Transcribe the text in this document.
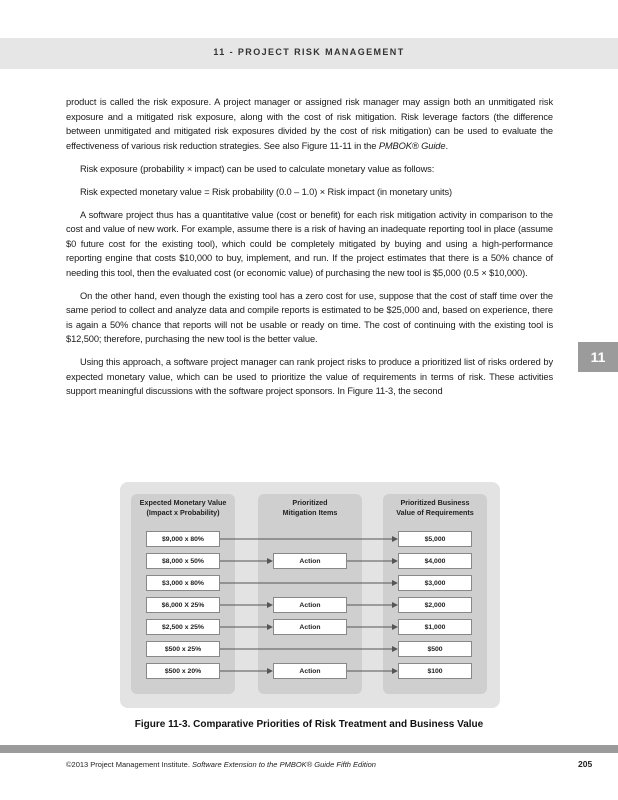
11 - PROJECT RISK MANAGEMENT

product is called the risk exposure. A project manager or assigned risk manager may assign both an unmitigated risk exposure and a mitigated risk exposure, along with the cost of risk mitigation. Risk leverage factors (the difference between unmitigated and mitigated risk exposures divided by the cost of risk mitigation) can be used to evaluate the effectiveness of various risk reduction strategies. See also Figure 11-11 in the PMBOK® Guide.

Risk exposure (probability × impact) can be used to calculate monetary value as follows:

Risk expected monetary value = Risk probability (0.0 – 1.0) × Risk impact (in monetary units)

A software project thus has a quantitative value (cost or benefit) for each risk mitigation activity in comparison to the cost and value of new work. For example, assume there is a risk of having an inadequate reporting tool in place (assume $0 future cost for the existing tool), which could be completely mitigated by buying and using a high-performance reporting engine that costs $10,000 to buy, implement, and run. If the project estimates that there is a 50% chance of needing this tool, then the evaluated cost (or economic value) of purchasing the new tool is $5,000 (0.5 × $10,000).

On the other hand, even though the existing tool has a zero cost for use, suppose that the cost of staff time over the same period to collect and analyze data and compile reports is estimated to be $25,000 and, based on experience, there is again a 50% chance that reports will not be usable or ready on time. The cost of continuing with the existing tool is $12,500; therefore, purchasing the new tool is the better value.

Using this approach, a software project manager can rank project risks to produce a prioritized list of risks ordered by expected monetary value, which can be used to prioritize the value of requirements in terms of risk. These activities support meaningful discussions with the software project sponsors. In Figure 11-3, the second

11
Expected Monetary Value
(Impact x Probability)
Prioritized
Mitigation Items
Prioritized Business
Value of Requirements
$9,000 x 80%
$8,000 x 50%
$3,000 x 80%
$6,000 X 25%
$2,500 x 25%
$500 x 25%
$500 x 20%
Action
Action
Action
Action
$5,000
$4,000
$3,000
$2,000
$1,000
$500
$100
Figure 11-3. Comparative Priorities of Risk Treatment and Business Value
©2013 Project Management Institute. Software Extension to the PMBOK® Guide Fifth Edition	205
